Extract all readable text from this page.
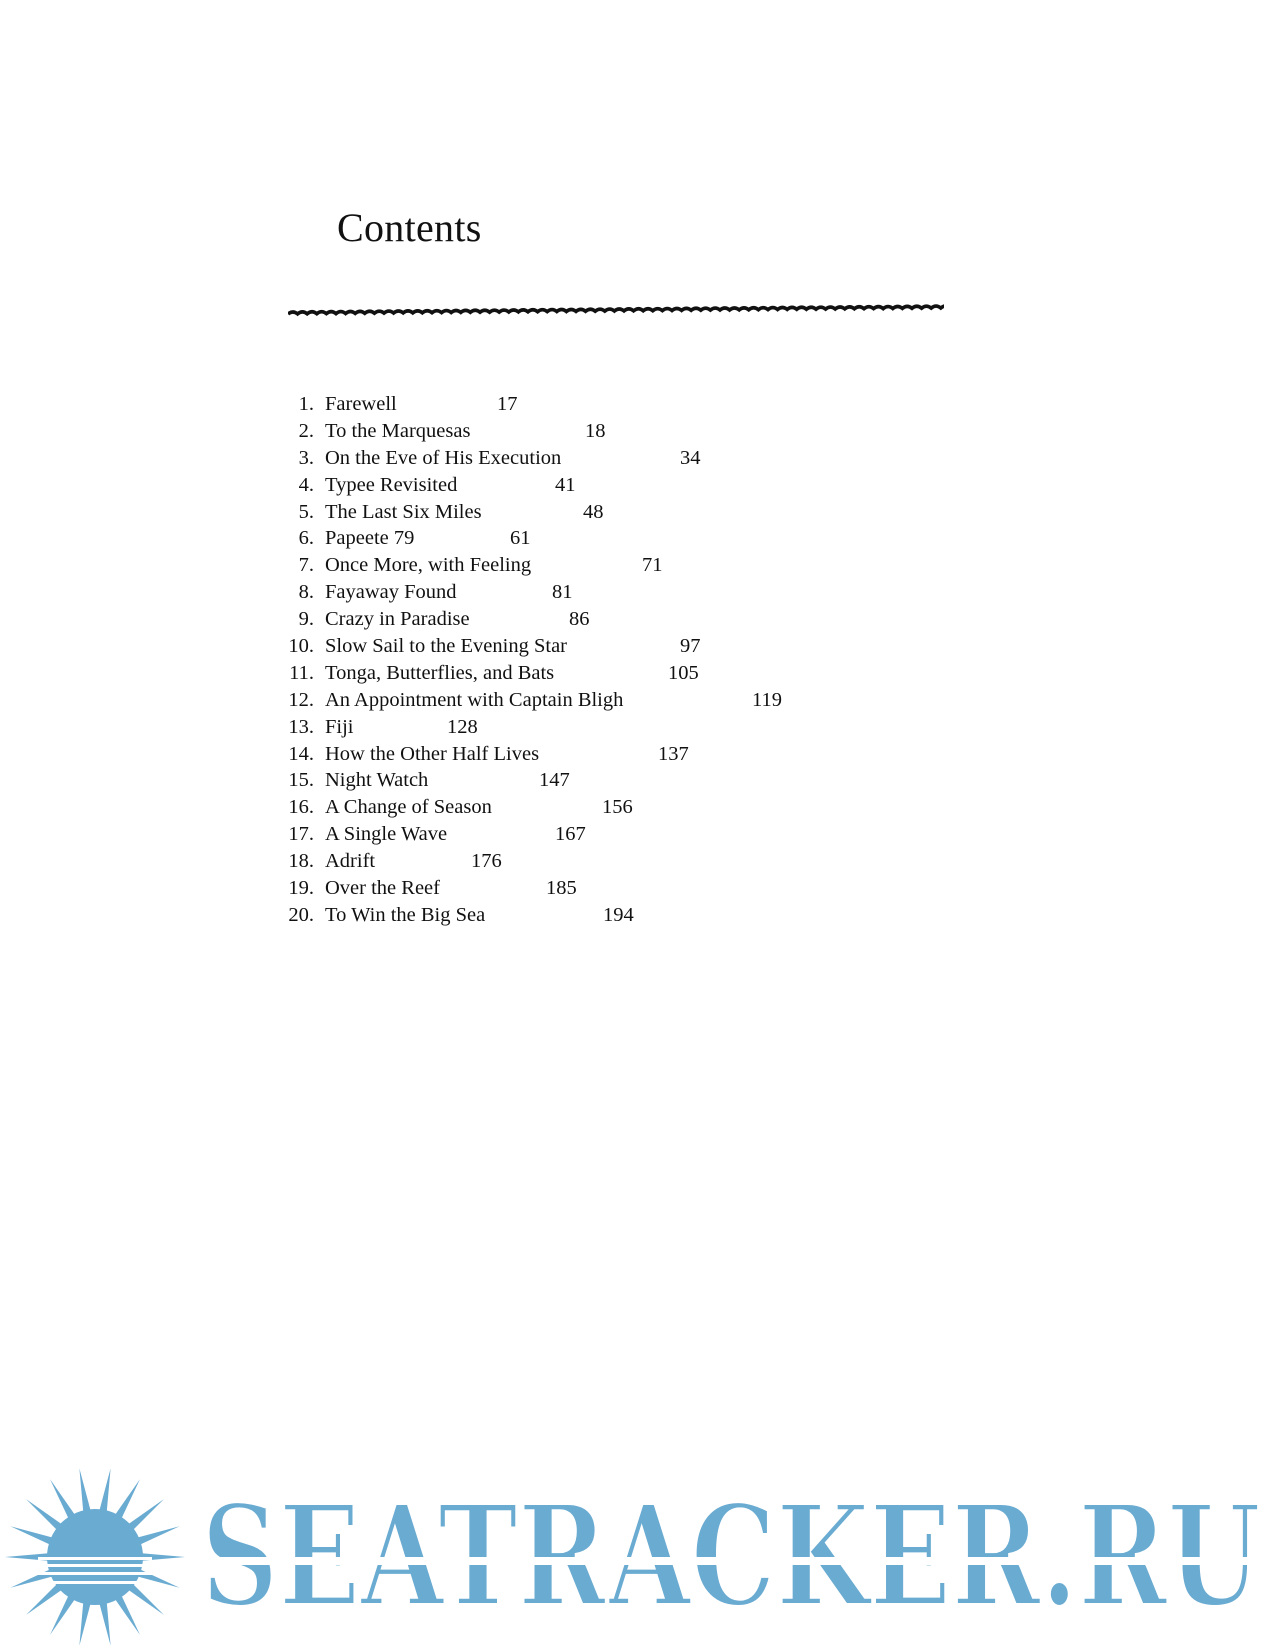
Contents
1. Farewell	17
2. To the Marquesas	18
3. On the Eve of His Execution	34
4. Typee Revisited	41
5. The Last Six Miles	48
6. Papeete 79	61
7. Once More, with Feeling	71
8. Fayaway Found	81
9. Crazy in Paradise	86
10. Slow Sail to the Evening Star	97
11. Tonga, Butterflies, and Bats	105
12. An Appointment with Captain Bligh	119
13. Fiji	128
14. How the Other Half Lives	137
15. Night Watch	147
16. A Change of Season	156
17. A Single Wave	167
18. Adrift	176
19. Over the Reef	185
20. To Win the Big Sea	194
SEATRACKER.RU
